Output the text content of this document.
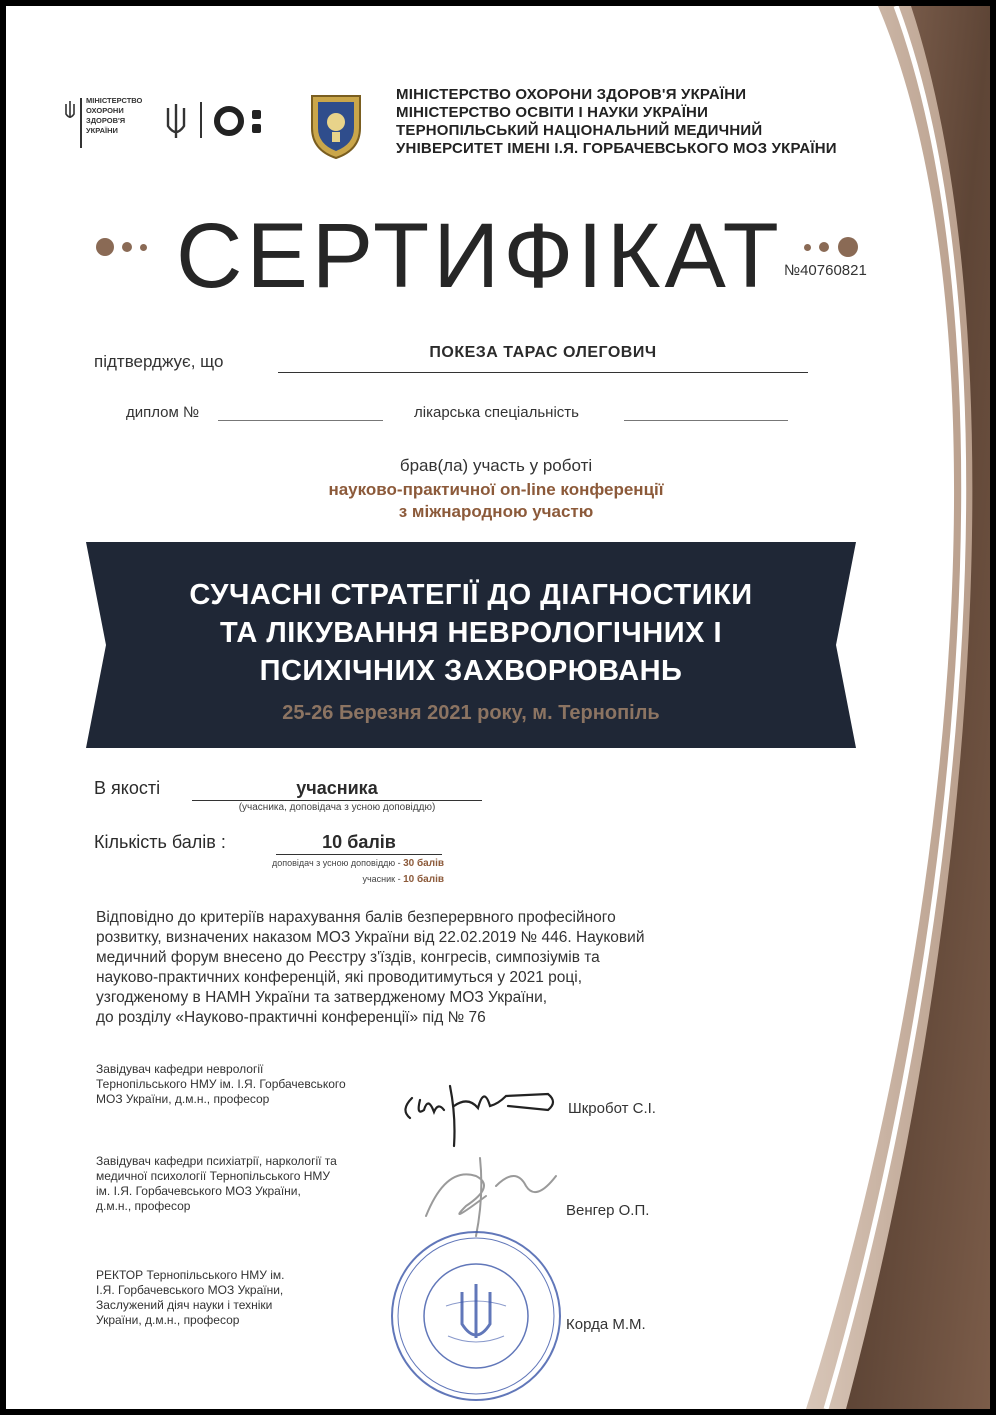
МІНІСТЕРСТВО
ОХОРОНИ
ЗДОРОВ'Я
УКРАЇНИ
МІНІСТЕРСТВО ОХОРОНИ ЗДОРОВ'Я УКРАЇНИ
МІНІСТЕРСТВО ОСВІТИ І НАУКИ УКРАЇНИ
ТЕРНОПІЛЬСЬКИЙ НАЦІОНАЛЬНИЙ МЕДИЧНИЙ
УНІВЕРСИТЕТ ІМЕНІ І.Я. ГОРБАЧЕВСЬКОГО МОЗ УКРАЇНИ
СЕРТИФІКАТ №40760821
підтверджує, що	ПОКЕЗА ТАРАС ОЛЕГОВИЧ
диплом №	лікарська спеціальність
брав(ла) участь у роботі
науково-практичної on-line конференції
з міжнародною участю
СУЧАСНІ СТРАТЕГІЇ ДО ДІАГНОСТИКИ
ТА ЛІКУВАННЯ НЕВРОЛОГІЧНИХ І
ПСИХІЧНИХ ЗАХВОРЮВАНЬ
25-26 Березня 2021 року, м. Тернопіль
В якості	учасника
(учасника, доповідача з усною доповіддю)
Кількість балів :	10 балів
доповідач з усною доповіддю - 30 балів
учасник - 10 балів
Відповідно до критеріїв нарахування балів безперервного професійного
розвитку, визначених наказом МОЗ України від 22.02.2019 № 446. Науковий
медичний форум внесено до Реєстру з'їздів, конгресів, симпозіумів та
науково-практичних конференцій, які проводитимуться у 2021 році,
узгодженому в НАМН України та затвердженому МОЗ України,
до розділу «Науково-практичні конференції» під № 76
Завідувач кафедри неврології
Тернопільського НМУ ім. І.Я. Горбачевського
МОЗ України, д.м.н., професор
Шкробот С.І.
Завідувач кафедри психіатрії, наркології та
медичної психології Тернопільського НМУ
ім. І.Я. Горбачевського МОЗ України,
д.м.н., професор	Венгер О.П.
РЕКТОР Тернопільського НМУ ім.
І.Я. Горбачевського МОЗ України,
Заслужений діяч науки і техніки
України, д.м.н., професор	Корда М.М.
